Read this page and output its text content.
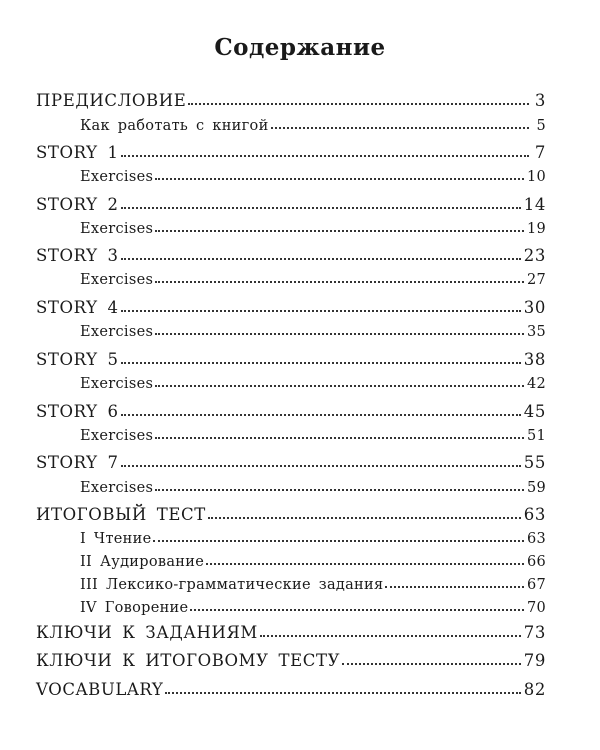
Содержание
ПРЕДИСЛОВИЕ	3
Как работать с книгой	5
STORY 1	7
Exercises	10
STORY 2	14
Exercises	19
STORY 3	23
Exercises	27
STORY 4	30
Exercises	35
STORY 5	38
Exercises	42
STORY 6	45
Exercises	51
STORY 7	55
Exercises	59
ИТОГОВЫЙ ТЕСТ	63
I Чтение	63
II Аудирование	66
III Лексико-грамматические задания	67
IV Говорение	70
КЛЮЧИ К ЗАДАНИЯМ	73
КЛЮЧИ К ИТОГОВОМУ ТЕСТУ	79
VOCABULARY	82
